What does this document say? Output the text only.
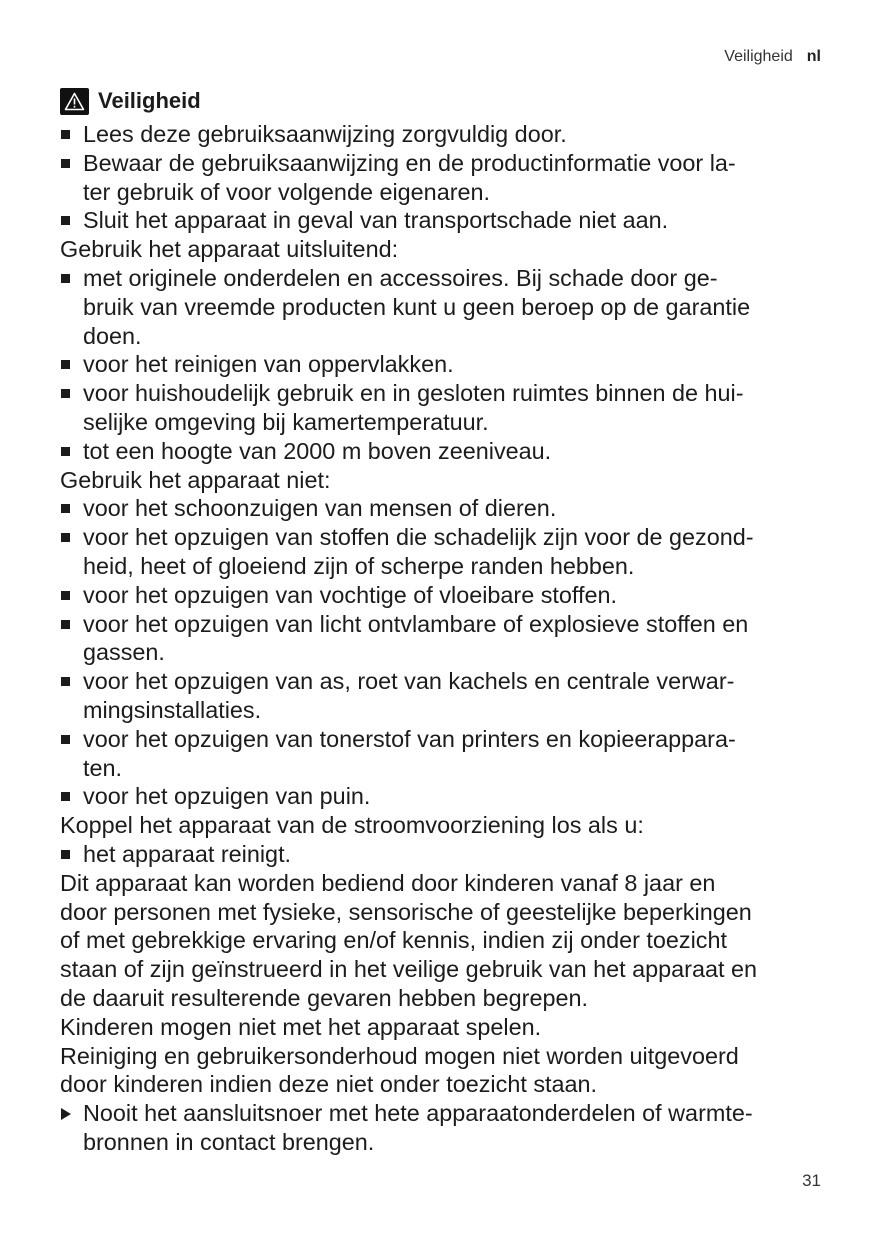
Veiligheid nl
Veiligheid
Lees deze gebruiksaanwijzing zorgvuldig door.
Bewaar de gebruiksaanwijzing en de productinformatie voor la-
ter gebruik of voor volgende eigenaren.
Sluit het apparaat in geval van transportschade niet aan.
Gebruik het apparaat uitsluitend:
met originele onderdelen en accessoires. Bij schade door ge-
bruik van vreemde producten kunt u geen beroep op de garantie
doen.
voor het reinigen van oppervlakken.
voor huishoudelijk gebruik en in gesloten ruimtes binnen de hui-
selijke omgeving bij kamertemperatuur.
tot een hoogte van 2000 m boven zeeniveau.
Gebruik het apparaat niet:
voor het schoonzuigen van mensen of dieren.
voor het opzuigen van stoffen die schadelijk zijn voor de gezond-
heid, heet of gloeiend zijn of scherpe randen hebben.
voor het opzuigen van vochtige of vloeibare stoffen.
voor het opzuigen van licht ontvlambare of explosieve stoffen en
gassen.
voor het opzuigen van as, roet van kachels en centrale verwar-
mingsinstallaties.
voor het opzuigen van tonerstof van printers en kopieerappara-
ten.
voor het opzuigen van puin.
Koppel het apparaat van de stroomvoorziening los als u:
het apparaat reinigt.
Dit apparaat kan worden bediend door kinderen vanaf 8 jaar en
door personen met fysieke, sensorische of geestelijke beperkingen
of met gebrekkige ervaring en/of kennis, indien zij onder toezicht
staan of zijn geïnstrueerd in het veilige gebruik van het apparaat en
de daaruit resulterende gevaren hebben begrepen.
Kinderen mogen niet met het apparaat spelen.
Reiniging en gebruikersonderhoud mogen niet worden uitgevoerd
door kinderen indien deze niet onder toezicht staan.
Nooit het aansluitsnoer met hete apparaatonderdelen of warmte-
bronnen in contact brengen.
31
